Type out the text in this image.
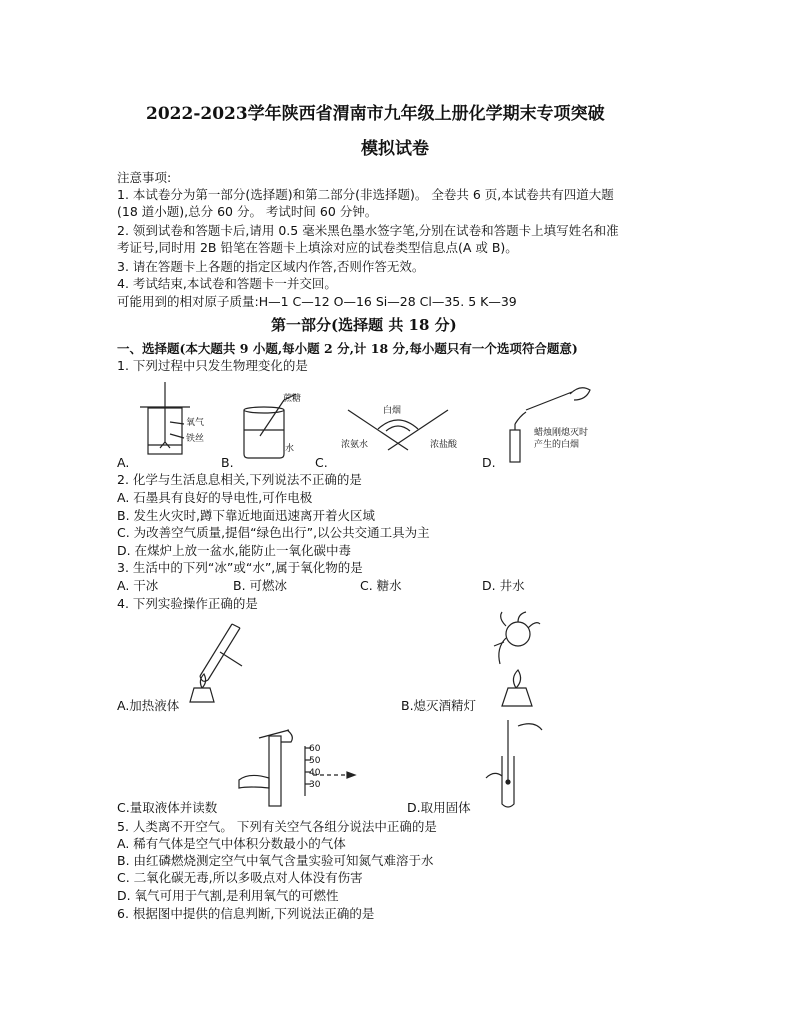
2022-2023学年陕西省渭南市九年级上册化学期末专项突破
模拟试卷
注意事项:
1. 本试卷分为第一部分(选择题)和第二部分(非选择题)。 全卷共 6 页,本试卷共有四道大题
(18 道小题),总分 60 分。 考试时间 60 分钟。
2. 领到试卷和答题卡后,请用 0.5 毫米黑色墨水签字笔,分别在试卷和答题卡上填写姓名和准
考证号,同时用 2B 铅笔在答题卡上填涂对应的试卷类型信息点(A 或 B)。
3. 请在答题卡上各题的指定区域内作答,否则作答无效。
4. 考试结束,本试卷和答题卡一并交回。
可能用到的相对原子质量:H—1 C—12 O—16 Si—28 Cl—35. 5 K—39
第一部分(选择题 共 18 分)
一、选择题(本大题共 9 小题,每小题 2 分,计 18 分,每小题只有一个选项符合题意)
1. 下列过程中只发生物理变化的是
氧气
铁丝
蔗糖
水
白烟
浓氨水	浓盐酸
蜡烛刚熄灭时
产生的白烟
A.	B.	C.	D.
2. 化学与生活息息相关,下列说法不正确的是
A. 石墨具有良好的导电性,可作电极
B. 发生火灾时,蹲下靠近地面迅速离开着火区域
C. 为改善空气质量,提倡“绿色出行”,以公共交通工具为主
D. 在煤炉上放一盆水,能防止一氧化碳中毒
3. 生活中的下列“冰”或“水”,属于氧化物的是
A. 干冰	B. 可燃冰	C. 糖水	D. 井水
4. 下列实验操作正确的是
A.加热液体	B.熄灭酒精灯
60
50
40
30
C.量取液体并读数	D.取用固体
5. 人类离不开空气。 下列有关空气各组分说法中正确的是
A. 稀有气体是空气中体积分数最小的气体
B. 由红磷燃烧测定空气中氧气含量实验可知氮气难溶于水
C. 二氧化碳无毒,所以多吸点对人体没有伤害
D. 氧气可用于气割,是利用氧气的可燃性
6. 根据图中提供的信息判断,下列说法正确的是
